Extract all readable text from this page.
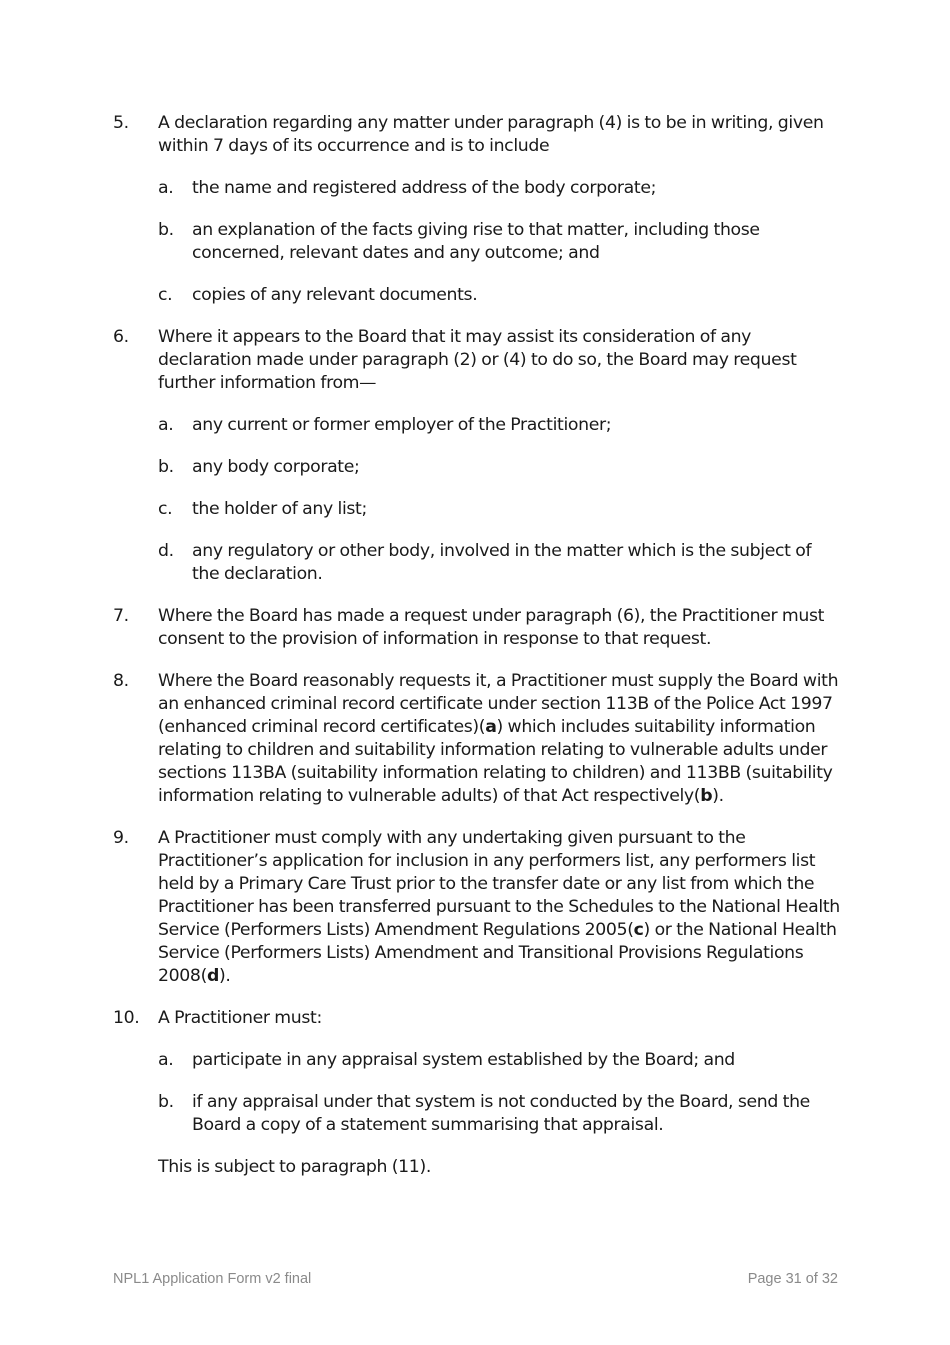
5.	A declaration regarding any matter under paragraph (4) is to be in writing, given within 7 days of its occurrence and is to include
a.	the name and registered address of the body corporate;
b.	an explanation of the facts giving rise to that matter, including those concerned, relevant dates and any outcome; and
c.	copies of any relevant documents.
6.	Where it appears to the Board that it may assist its consideration of any declaration made under paragraph (2) or (4) to do so, the Board may request further information from—
a.	any current or former employer of the Practitioner;
b.	any body corporate;
c.	the holder of any list;
d.	any regulatory or other body, involved in the matter which is the subject of the declaration.
7.	Where the Board has made a request under paragraph (6), the Practitioner must consent to the provision of information in response to that request.
8.	Where the Board reasonably requests it, a Practitioner must supply the Board with an enhanced criminal record certificate under section 113B of the Police Act 1997 (enhanced criminal record certificates)(a) which includes suitability information relating to children and suitability information relating to vulnerable adults under sections 113BA (suitability information relating to children) and 113BB (suitability information relating to vulnerable adults) of that Act respectively(b).
9.	A Practitioner must comply with any undertaking given pursuant to the Practitioner’s application for inclusion in any performers list, any performers list held by a Primary Care Trust prior to the transfer date or any list from which the Practitioner has been transferred pursuant to the Schedules to the National Health Service (Performers Lists) Amendment Regulations 2005(c) or the National Health Service (Performers Lists) Amendment and Transitional Provisions Regulations 2008(d).
10.	A Practitioner must:
a.	participate in any appraisal system established by the Board; and
b.	if any appraisal under that system is not conducted by the Board, send the Board a copy of a statement summarising that appraisal.
This is subject to paragraph (11).
NPL1 Application Form v2 final	Page 31 of 32
